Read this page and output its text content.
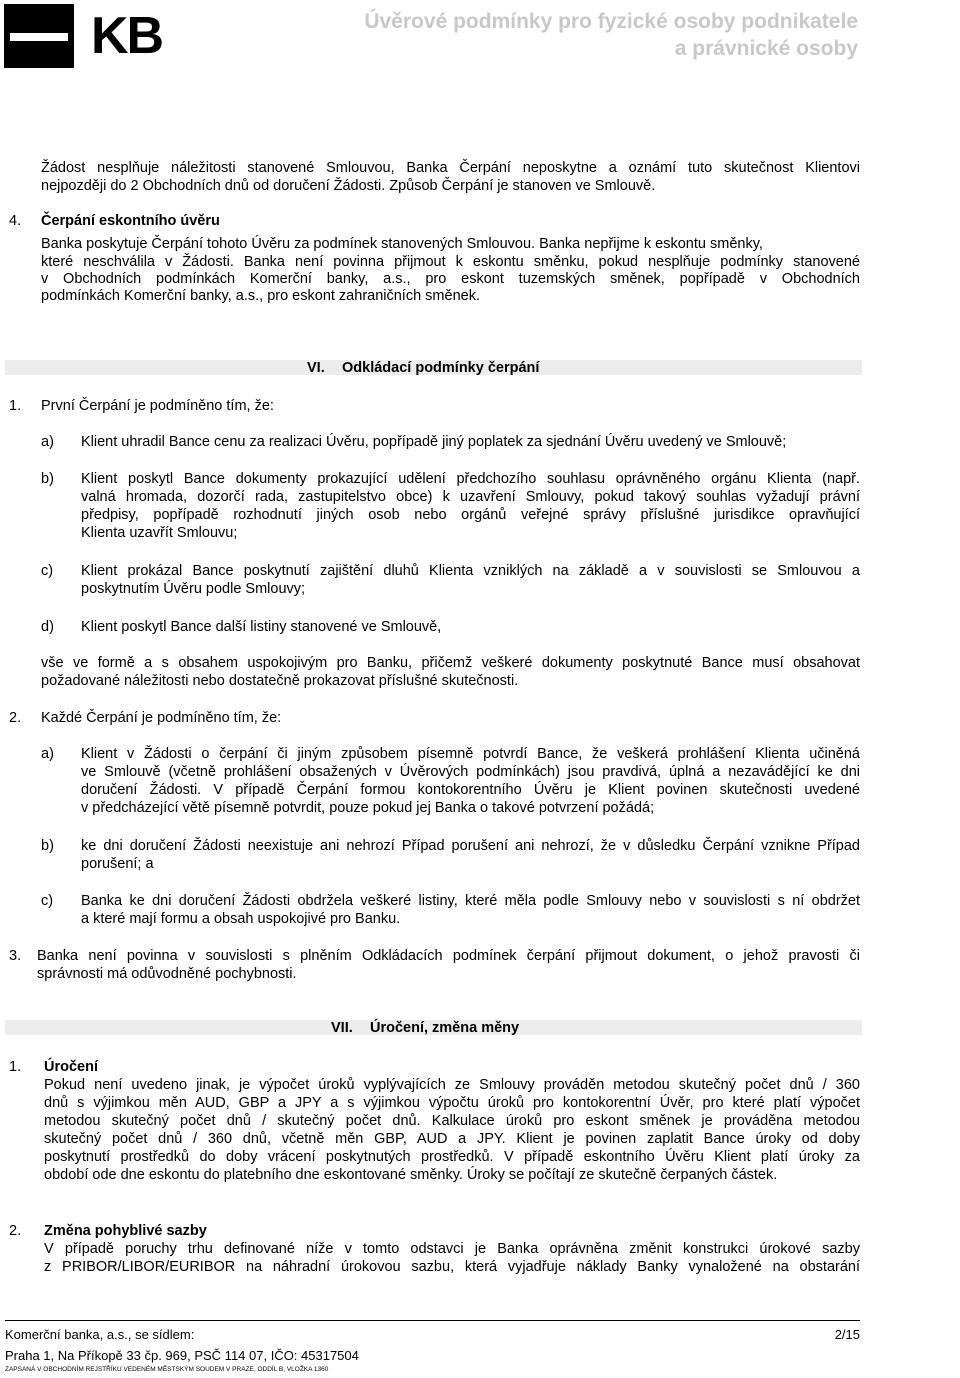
KB	Úvěrové podmínky pro fyzické osoby podnikatele
a právnické osoby
Žádost nesplňuje náležitosti stanovené Smlouvou, Banka Čerpání neposkytne a oznámí tuto skutečnost Klientovi
nejpozději do 2 Obchodních dnů od doručení Žádosti. Způsob Čerpání je stanoven ve Smlouvě.
4. Čerpání eskontního úvěru
Banka poskytuje Čerpání tohoto Úvěru za podmínek stanovených Smlouvou. Banka nepřijme k eskontu směnky,
které neschválila v Žádosti. Banka není povinna přijmout k eskontu směnku, pokud nesplňuje podmínky stanovené
v Obchodních podmínkách Komerční banky, a.s., pro eskont tuzemských směnek, popřípadě v Obchodních
podmínkách Komerční banky, a.s., pro eskont zahraničních směnek.
VI. Odkládací podmínky čerpání
1. První Čerpání je podmíněno tím, že:
a) Klient uhradil Bance cenu za realizaci Úvěru, popřípadě jiný poplatek za sjednání Úvěru uvedený ve Smlouvě;
b) Klient poskytl Bance dokumenty prokazující udělení předchozího souhlasu oprávněného orgánu Klienta (např.
valná hromada, dozorčí rada, zastupitelstvo obce) k uzavření Smlouvy, pokud takový souhlas vyžadují právní
předpisy, popřípadě rozhodnutí jiných osob nebo orgánů veřejné správy příslušné jurisdikce opravňující
Klienta uzavřít Smlouvu;
c) Klient prokázal Bance poskytnutí zajištění dluhů Klienta vzniklých na základě a v souvislosti se Smlouvou a
poskytnutím Úvěru podle Smlouvy;
d) Klient poskytl Bance další listiny stanovené ve Smlouvě,
vše ve formě a s obsahem uspokojivým pro Banku, přičemž veškeré dokumenty poskytnuté Bance musí obsahovat
požadované náležitosti nebo dostatečně prokazovat příslušné skutečnosti.
2. Každé Čerpání je podmíněno tím, že:
a) Klient v Žádosti o čerpání či jiným způsobem písemně potvrdí Bance, že veškerá prohlášení Klienta učiněná
ve Smlouvě (včetně prohlášení obsažených v Úvěrových podmínkách) jsou pravdivá, úplná a nezavádějící ke dni
doručení Žádosti. V případě Čerpání formou kontokorentního Úvěru je Klient povinen skutečnosti uvedené
v předcházející větě písemně potvrdit, pouze pokud jej Banka o takové potvrzení požádá;
b) ke dni doručení Žádosti neexistuje ani nehrozí Případ porušení ani nehrozí, že v důsledku Čerpání vznikne Případ
porušení; a
c) Banka ke dni doručení Žádosti obdržela veškeré listiny, které měla podle Smlouvy nebo v souvislosti s ní obdržet
a které mají formu a obsah uspokojivé pro Banku.
3. Banka není povinna v souvislosti s plněním Odkládacích podmínek čerpání přijmout dokument, o jehož pravosti či
správnosti má odůvodněné pochybnosti.
VII. Úročení, změna měny
1. Úročení
Pokud není uvedeno jinak, je výpočet úroků vyplývajících ze Smlouvy prováděn metodou skutečný počet dnů / 360
dnů s výjimkou měn AUD, GBP a JPY a s výjimkou výpočtu úroků pro kontokorentní Úvěr, pro které platí výpočet
metodou skutečný počet dnů / skutečný počet dnů. Kalkulace úroků pro eskont směnek je prováděna metodou
skutečný počet dnů / 360 dnů, včetně měn GBP, AUD a JPY. Klient je povinen zaplatit Bance úroky od doby
poskytnutí prostředků do doby vrácení poskytnutých prostředků. V případě eskontního Úvěru Klient platí úroky za
období ode dne eskontu do platebního dne eskontované směnky. Úroky se počítají ze skutečně čerpaných částek.
2. Změna pohyblivé sazby
V případě poruchy trhu definované níže v tomto odstavci je Banka oprávněna změnit konstrukci úrokové sazby
z PRIBOR/LIBOR/EURIBOR na náhradní úrokovou sazbu, která vyjadřuje náklady Banky vynaložené na obstarání
Komerční banka, a.s., se sídlem:	2/15
Praha 1, Na Příkopě 33 čp. 969, PSČ 114 07, IČO: 45317504
ZAPSANÁ V OBCHODNÍM REJSTŘÍKU VEDENÉM MĚSTSKÝM SOUDEM V PRAZE, ODDÍL B, VLOŽKA 1360
